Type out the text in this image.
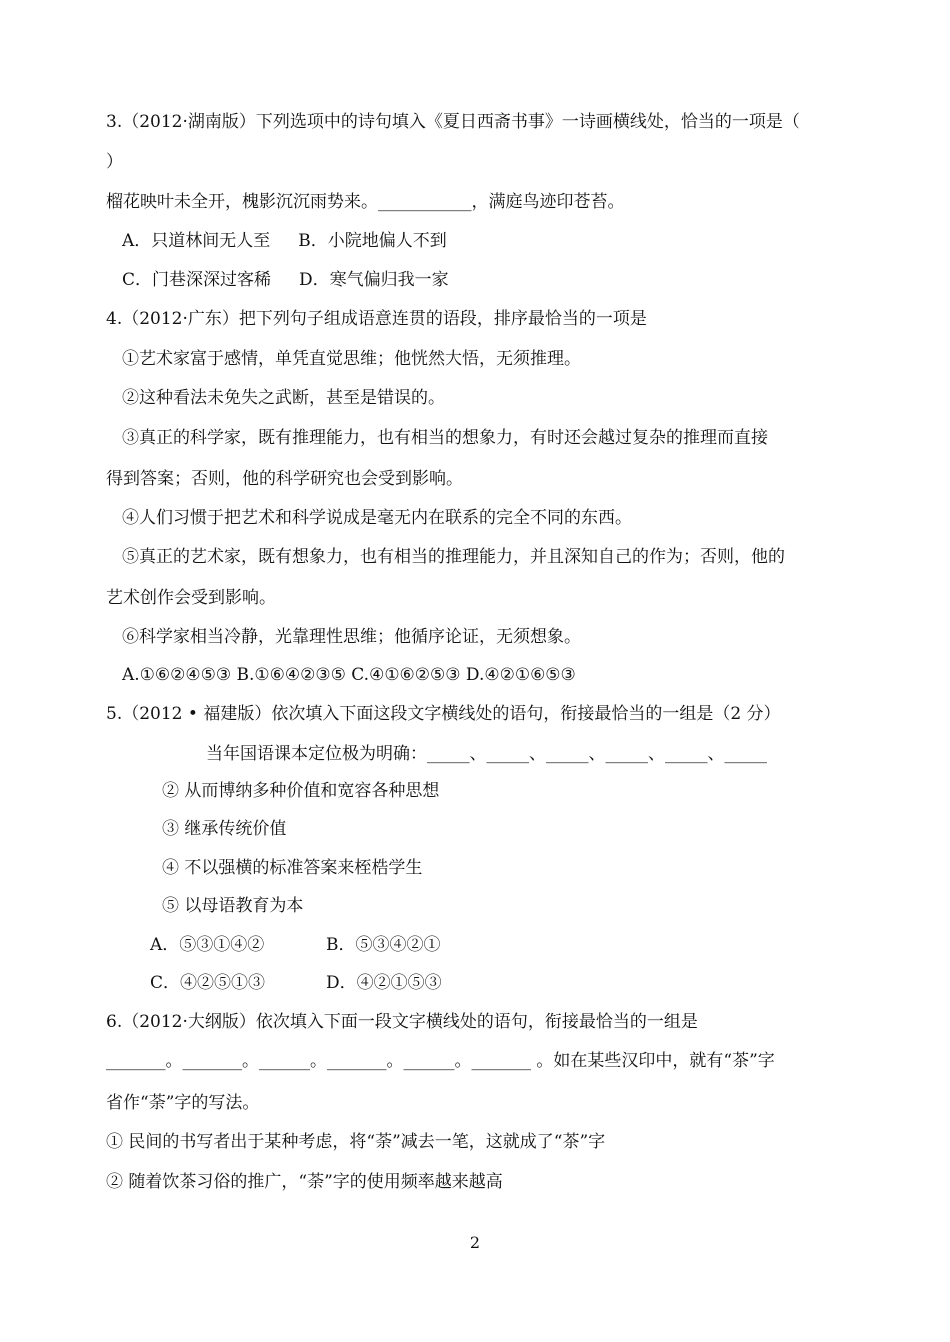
3.（2012·湖南版）下列选项中的诗句填入《夏日西斋书事》一诗画横线处，恰当的一项是（
）
榴花映叶未全开，槐影沉沉雨势来。___________，满庭鸟迹印苍苔。
A．只道林间无人至 B．小院地偏人不到
C．门巷深深过客稀 D．寒气偏归我一家
4.（2012·广东）把下列句子组成语意连贯的语段，排序最恰当的一项是
①艺术家富于感情，单凭直觉思维；他恍然大悟，无须推理。
②这种看法未免失之武断，甚至是错误的。
③真正的科学家，既有推理能力，也有相当的想象力，有时还会越过复杂的推理而直接
得到答案；否则，他的科学研究也会受到影响。
④人们习惯于把艺术和科学说成是毫无内在联系的完全不同的东西。
⑤真正的艺术家，既有想象力，也有相当的推理能力，并且深知自己的作为；否则，他的
艺术创作会受到影响。
⑥科学家相当冷静，光靠理性思维；他循序论证，无须想象。
A.①⑥②④⑤③ B.①⑥④②③⑤ C.④①⑥②⑤③ D.④②①⑥⑤③
5.（2012 • 福建版）依次填入下面这段文字横线处的语句，衔接最恰当的一组是（2 分）
当年国语课本定位极为明确：_____、_____、_____、_____、_____、_____
② 从而博纳多种价值和宽容各种思想
③ 继承传统价值
④ 不以强横的标准答案来桎梏学生
⑤ 以母语教育为本
A．⑤③①④②	B．⑤③④②①
C．④②⑤①③	D．④②①⑤③
6.（2012·大纲版）依次填入下面一段文字横线处的语句，衔接最恰当的一组是
_______。_______。______。_______。______。_______ 。如在某些汉印中，就有“茶”字
省作“荼”字的写法。
① 民间的书写者出于某种考虑，将“荼”减去一笔，这就成了“茶”字
② 随着饮茶习俗的推广，“荼”字的使用频率越来越高
2
